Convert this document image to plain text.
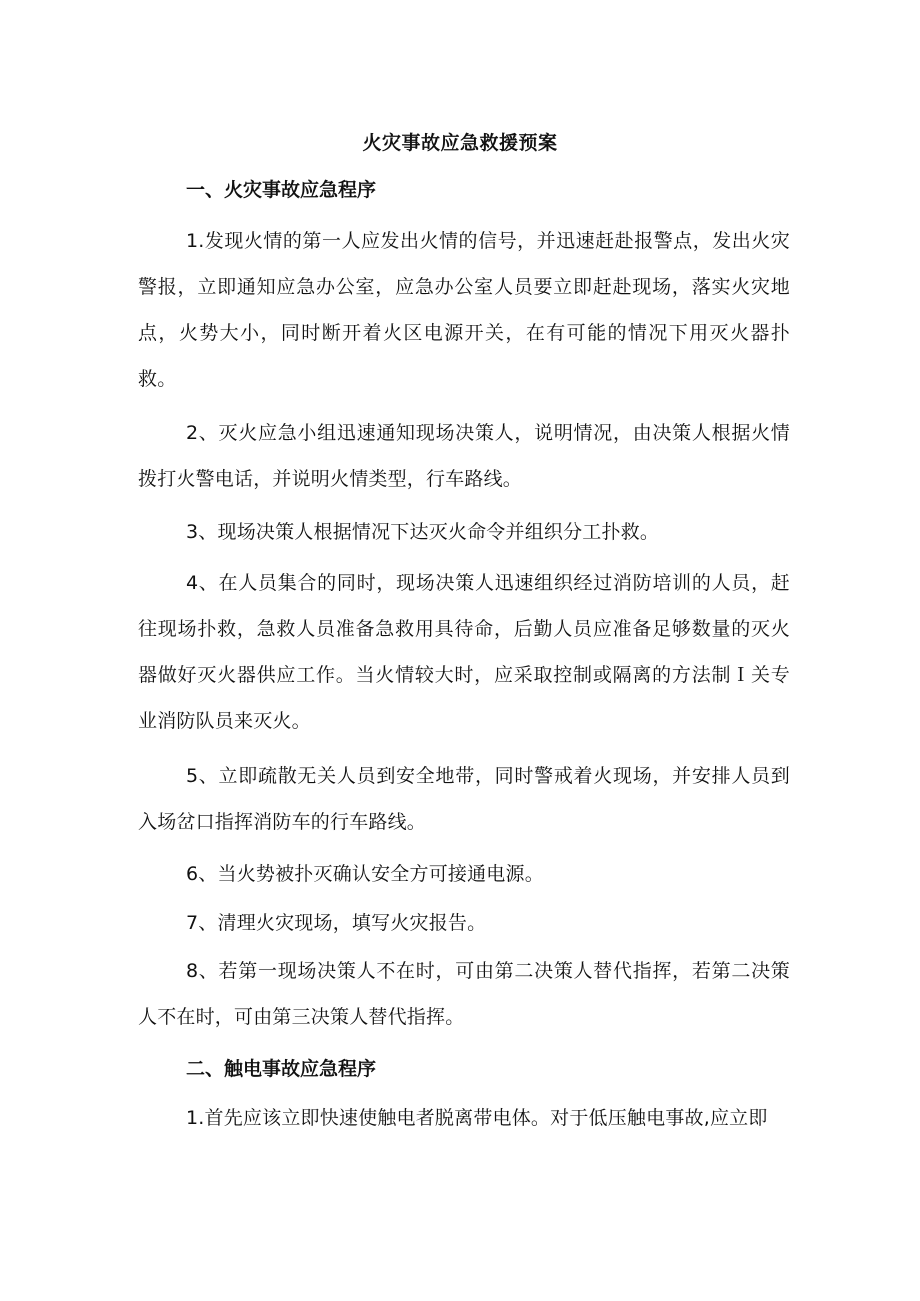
火灾事故应急救援预案
一、火灾事故应急程序

1.发现火情的第一人应发出火情的信号，并迅速赶赴报警点，发出火灾警报，立即通知应急办公室，应急办公室人员要立即赶赴现场，落实火灾地点，火势大小，同时断开着火区电源开关，在有可能的情况下用灭火器扑救。

2、灭火应急小组迅速通知现场决策人，说明情况，由决策人根据火情拨打火警电话，并说明火情类型，行车路线。

3、现场决策人根据情况下达灭火命令并组织分工扑救。

4、在人员集合的同时，现场决策人迅速组织经过消防培训的人员，赶往现场扑救，急救人员准备急救用具待命，后勤人员应准备足够数量的灭火器做好灭火器供应工作。当火情较大时，应采取控制或隔离的方法制Ｉ关专业消防队员来灭火。

5、立即疏散无关人员到安全地带，同时警戒着火现场，并安排人员到入场岔口指挥消防车的行车路线。

6、当火势被扑灭确认安全方可接通电源。

7、清理火灾现场，填写火灾报告。

8、若第一现场决策人不在时，可由第二决策人替代指挥，若第二决策人不在时，可由第三决策人替代指挥。

二、触电事故应急程序

1.首先应该立即快速使触电者脱离带电体。对于低压触电事故,应立即
